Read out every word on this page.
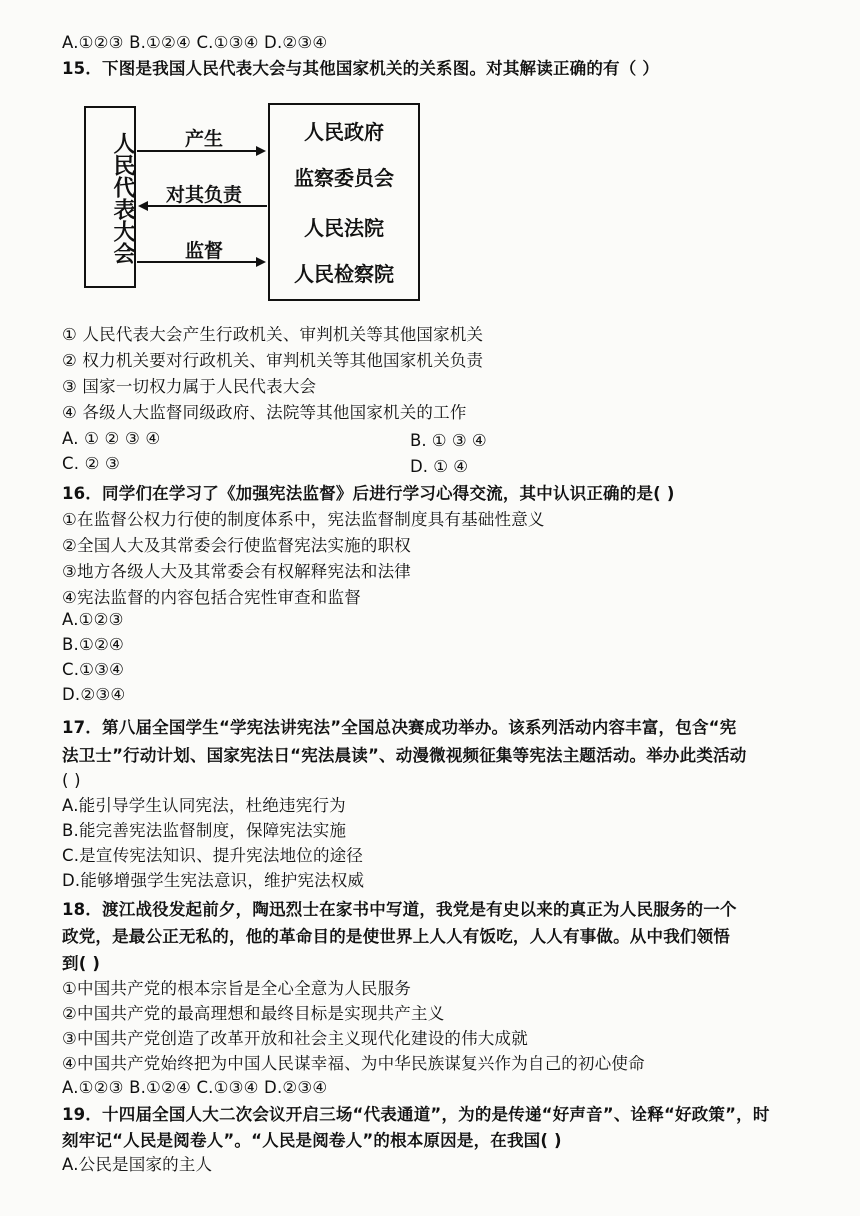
A.①②③ B.①②④ C.①③④ D.②③④
15．下图是我国人民代表大会与其他国家机关的关系图。对其解读正确的有（ ）
人民代表大会	人民政府
监察委员会
人民法院
人民检察院
产生
对其负责
监督
① 人民代表大会产生行政机关、审判机关等其他国家机关
② 权力机关要对行政机关、审判机关等其他国家机关负责
③ 国家一切权力属于人民代表大会
④ 各级人大监督同级政府、法院等其他国家机关的工作
A. ① ② ③ ④	B. ① ③ ④
C. ② ③	D. ① ④
16．同学们在学习了《加强宪法监督》后进行学习心得交流，其中认识正确的是( )
①在监督公权力行使的制度体系中，宪法监督制度具有基础性意义
②全国人大及其常委会行使监督宪法实施的职权
③地方各级人大及其常委会有权解释宪法和法律
④宪法监督的内容包括合宪性审查和监督
A.①②③
B.①②④
C.①③④
D.②③④
17．第八届全国学生“学宪法讲宪法”全国总决赛成功举办。该系列活动内容丰富，包含“宪
法卫士”行动计划、国家宪法日“宪法晨读”、动漫微视频征集等宪法主题活动。举办此类活动
( )
A.能引导学生认同宪法，杜绝违宪行为
B.能完善宪法监督制度，保障宪法实施
C.是宣传宪法知识、提升宪法地位的途径
D.能够增强学生宪法意识，维护宪法权威
18．渡江战役发起前夕，陶迅烈士在家书中写道，我党是有史以来的真正为人民服务的一个
政党，是最公正无私的，他的革命目的是使世界上人人有饭吃，人人有事做。从中我们领悟
到( )
①中国共产党的根本宗旨是全心全意为人民服务
②中国共产党的最高理想和最终目标是实现共产主义
③中国共产党创造了改革开放和社会主义现代化建设的伟大成就
④中国共产党始终把为中国人民谋幸福、为中华民族谋复兴作为自己的初心使命
A.①②③ B.①②④ C.①③④ D.②③④
19．十四届全国人大二次会议开启三场“代表通道”，为的是传递“好声音”、诠释“好政策”，时
刻牢记“人民是阅卷人”。“人民是阅卷人”的根本原因是，在我国( )
A.公民是国家的主人
